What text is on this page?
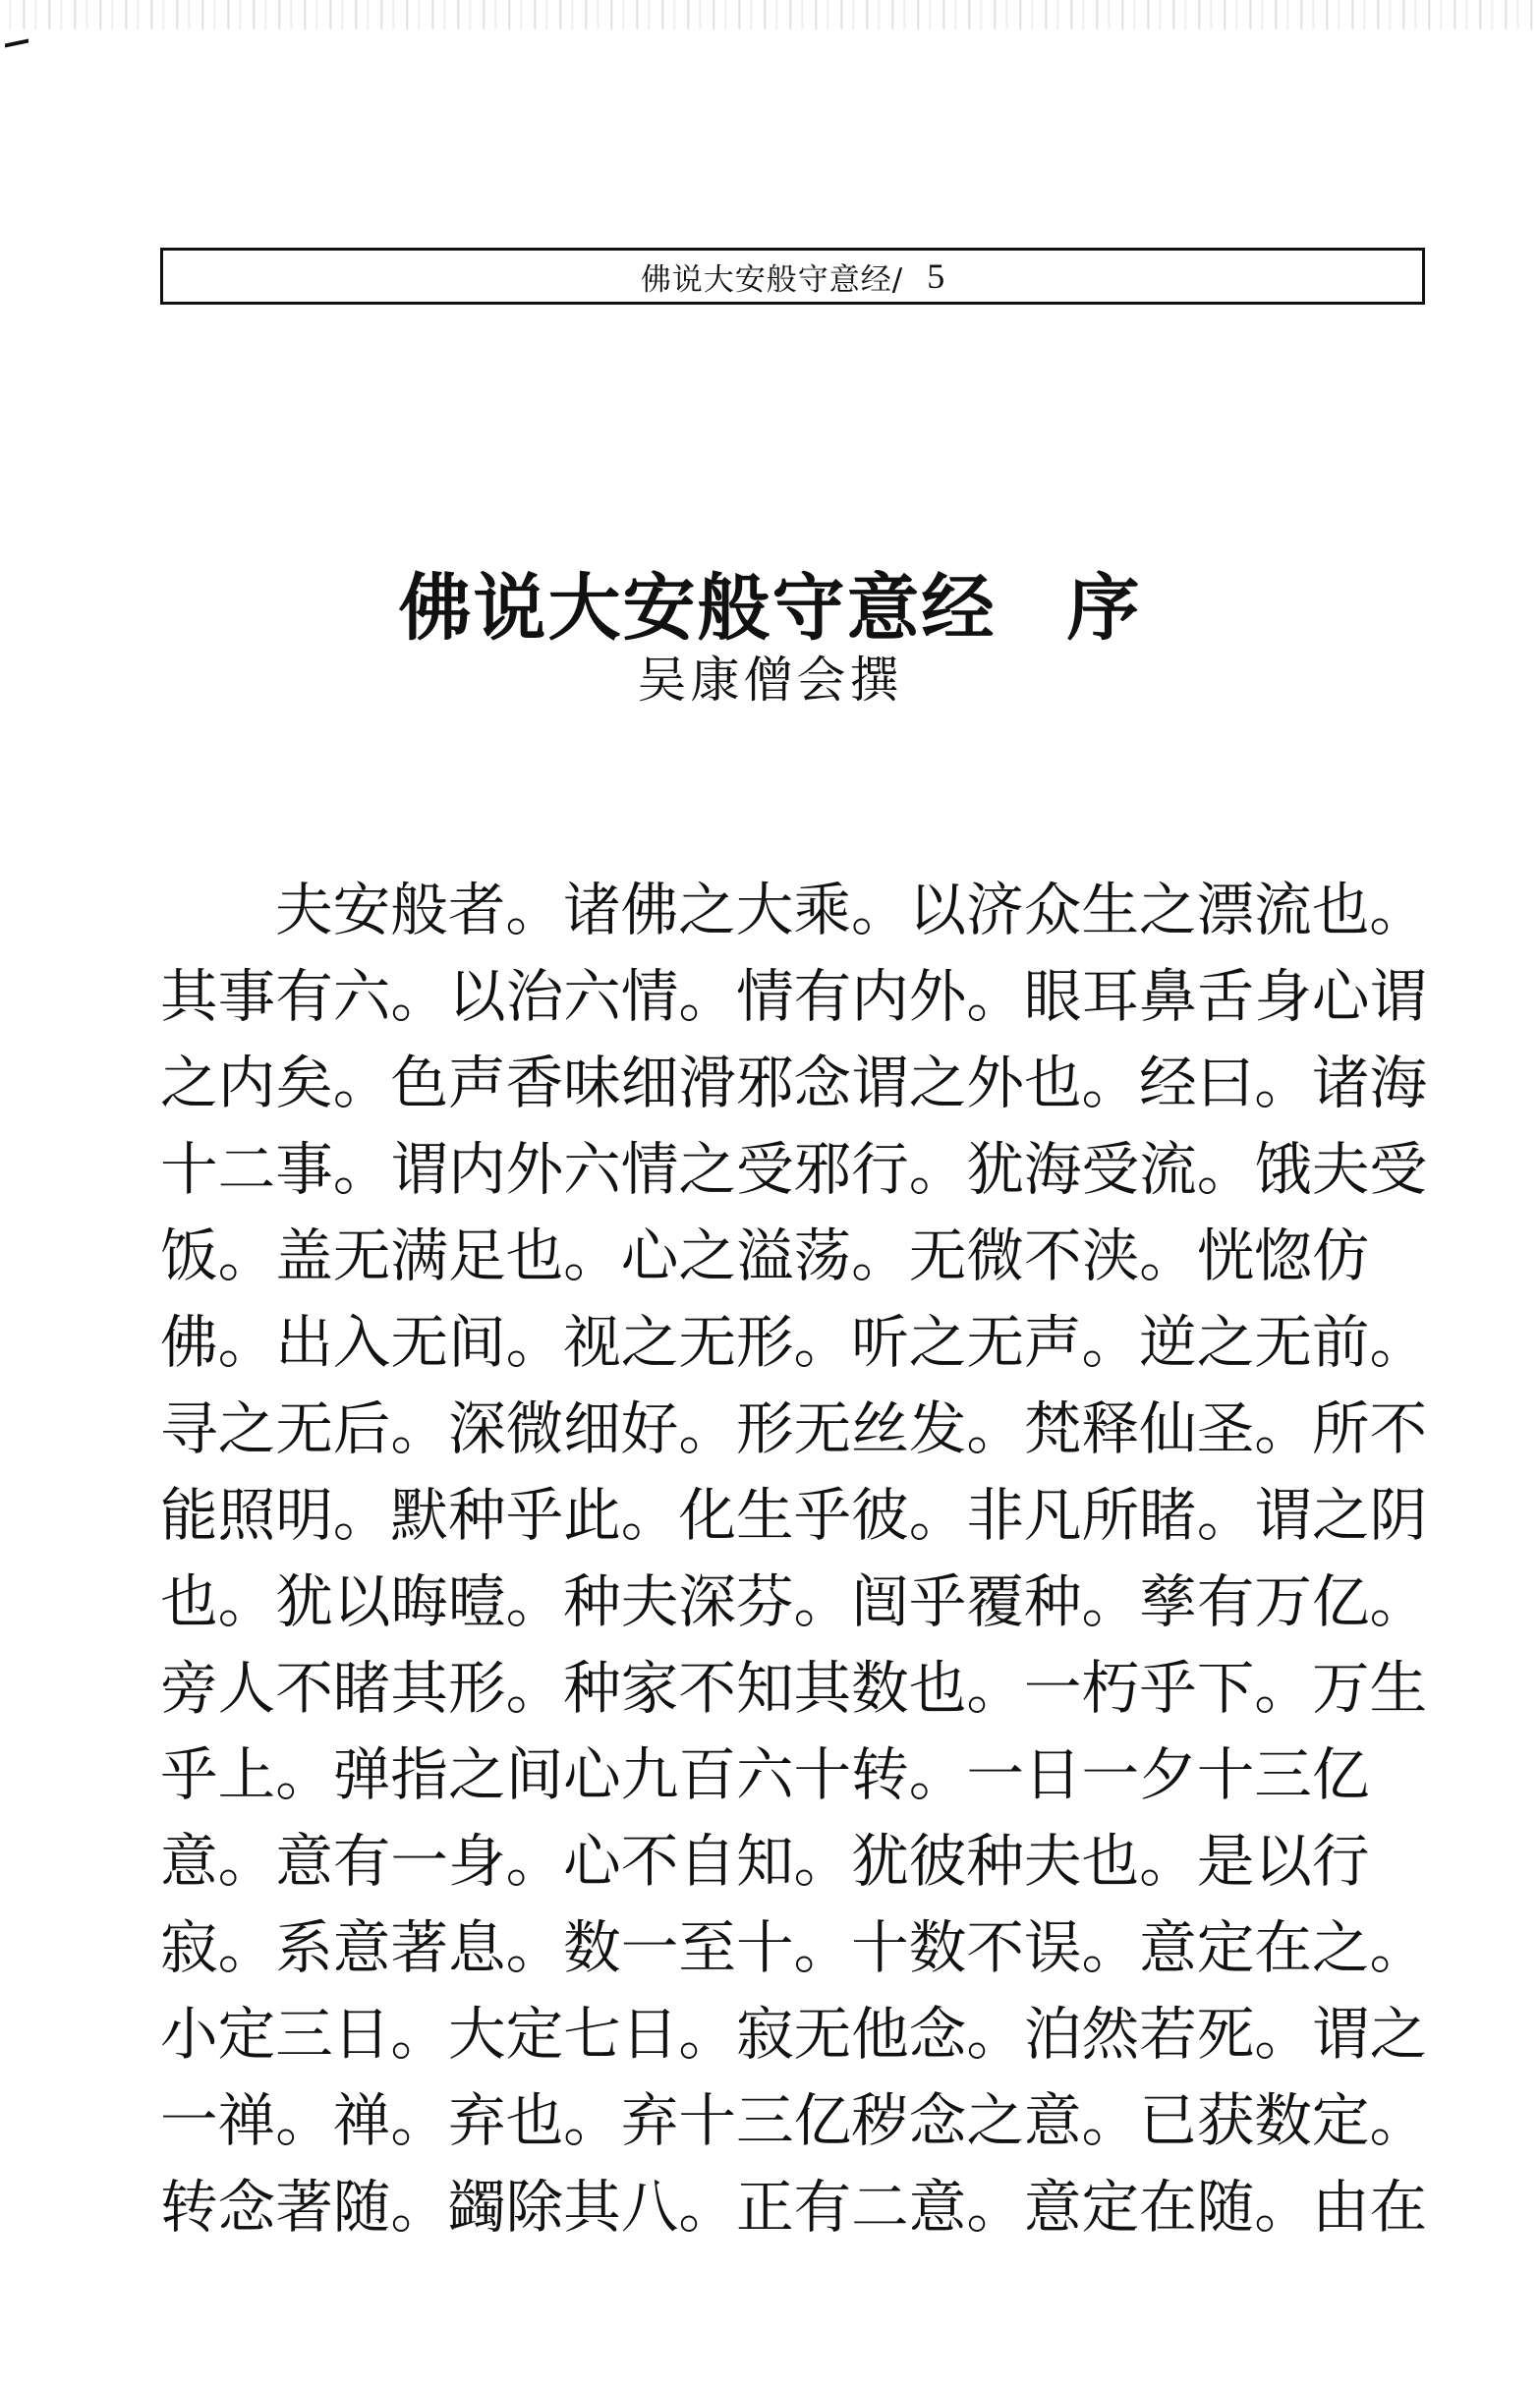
佛说大安般守意经/ 5
佛说大安般守意经 序
吴康僧会撰
夫安般者。诸佛之大乘。以济众生之漂流也。
其事有六。以治六情。情有内外。眼耳鼻舌身心谓
之内矣。色声香味细滑邪念谓之外也。经曰。诸海
十二事。谓内外六情之受邪行。犹海受流。饿夫受
饭。盖无满足也。心之溢荡。无微不浃。恍惚仿
佛。出入无间。视之无形。听之无声。逆之无前。
寻之无后。深微细好。形无丝发。梵释仙圣。所不
能照明。默种乎此。化生乎彼。非凡所睹。谓之阴
也。犹以晦曀。种夫深芬。闿乎覆种。孳有万亿。
旁人不睹其形。种家不知其数也。一朽乎下。万生
乎上。弹指之间心九百六十转。一日一夕十三亿
意。意有一身。心不自知。犹彼种夫也。是以行
寂。系意著息。数一至十。十数不误。意定在之。
小定三日。大定七日。寂无他念。泊然若死。谓之
一禅。禅。弃也。弃十三亿秽念之意。已获数定。
转念著随。蠲除其八。正有二意。意定在随。由在
